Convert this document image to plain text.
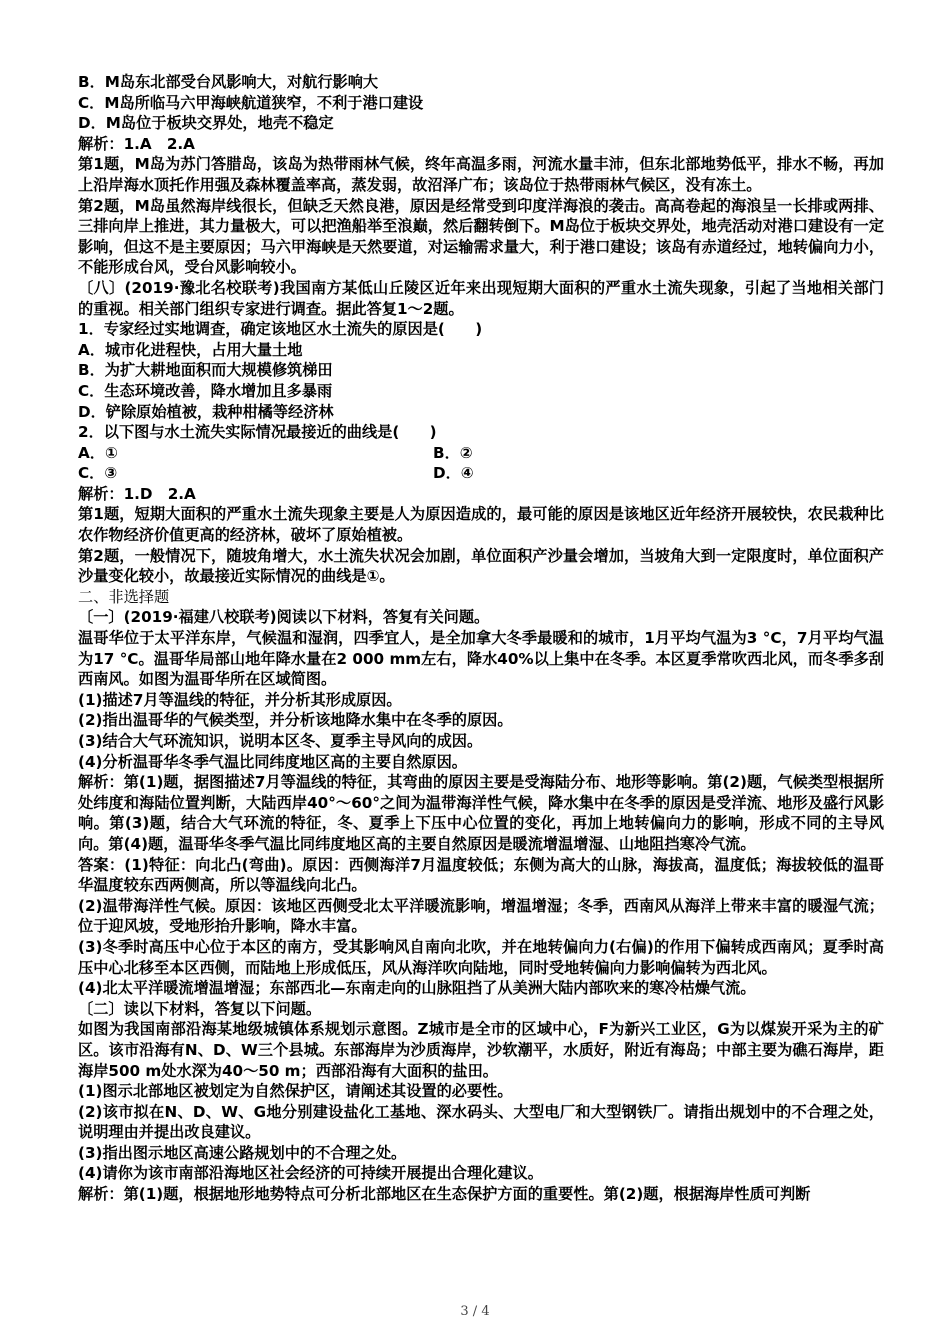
B．M岛东北部受台风影响大，对航行影响大

C．M岛所临马六甲海峡航道狭窄，不利于港口建设

D．M岛位于板块交界处，地壳不稳定

解析：1.A　2.A

第1题，M岛为苏门答腊岛，该岛为热带雨林气候，终年高温多雨，河流水量丰沛，但东北部地势低平，排水不畅，再加上沿岸海水顶托作用强及森林覆盖率高，蒸发弱，故沼泽广布；该岛位于热带雨林气候区，没有冻土。

第2题，M岛虽然海岸线很长，但缺乏天然良港，原因是经常受到印度洋海浪的袭击。高高卷起的海浪呈一长排或两排、三排向岸上推进，其力量极大，可以把渔船举至浪巅，然后翻转倒下。M岛位于板块交界处，地壳活动对港口建设有一定影响，但这不是主要原因；马六甲海峡是天然要道，对运输需求量大，利于港口建设；该岛有赤道经过，地转偏向力小，不能形成台风，受台风影响较小。

〔八〕(2019·豫北名校联考)我国南方某低山丘陵区近年来出现短期大面积的严重水土流失现象，引起了当地相关部门的重视。相关部门组织专家进行调查。据此答复1～2题。

1．专家经过实地调查，确定该地区水土流失的原因是(　　)

A．城市化进程快，占用大量土地

B．为扩大耕地面积而大规模修筑梯田

C．生态环境改善，降水增加且多暴雨

D．铲除原始植被，栽种柑橘等经济林

2．以下图与水土流失实际情况最接近的曲线是(　　)

A．①	B．②
C．③	D．④

解析：1.D　2.A

第1题，短期大面积的严重水土流失现象主要是人为原因造成的，最可能的原因是该地区近年经济开展较快，农民栽种比农作物经济价值更高的经济林，破坏了原始植被。

第2题，一般情况下，随坡角增大，水土流失状况会加剧，单位面积产沙量会增加，当坡角大到一定限度时，单位面积产沙量变化较小，故最接近实际情况的曲线是①。

二、非选择题

〔一〕(2019·福建八校联考)阅读以下材料，答复有关问题。

温哥华位于太平洋东岸，气候温和湿润，四季宜人，是全加拿大冬季最暖和的城市，1月平均气温为3 °C，7月平均气温为17 °C。温哥华局部山地年降水量在2 000 mm左右，降水40%以上集中在冬季。本区夏季常吹西北风，而冬季多刮西南风。如图为温哥华所在区域简图。

(1)描述7月等温线的特征，并分析其形成原因。

(2)指出温哥华的气候类型，并分析该地降水集中在冬季的原因。

(3)结合大气环流知识，说明本区冬、夏季主导风向的成因。

(4)分析温哥华冬季气温比同纬度地区高的主要自然原因。

解析：第(1)题，据图描述7月等温线的特征，其弯曲的原因主要是受海陆分布、地形等影响。第(2)题，气候类型根据所处纬度和海陆位置判断，大陆西岸40°～60°之间为温带海洋性气候，降水集中在冬季的原因是受洋流、地形及盛行风影响。第(3)题，结合大气环流的特征，冬、夏季上下压中心位置的变化，再加上地转偏向力的影响，形成不同的主导风向。第(4)题，温哥华冬季气温比同纬度地区高的主要自然原因是暖流增温增湿、山地阻挡寒冷气流。

答案：(1)特征：向北凸(弯曲)。原因：西侧海洋7月温度较低；东侧为高大的山脉，海拔高，温度低；海拔较低的温哥华温度较东西两侧高，所以等温线向北凸。

(2)温带海洋性气候。原因：该地区西侧受北太平洋暖流影响，增温增湿；冬季，西南风从海洋上带来丰富的暖湿气流；位于迎风坡，受地形抬升影响，降水丰富。

(3)冬季时高压中心位于本区的南方，受其影响风自南向北吹，并在地转偏向力(右偏)的作用下偏转成西南风；夏季时高压中心北移至本区西侧，而陆地上形成低压，风从海洋吹向陆地，同时受地转偏向力影响偏转为西北风。

(4)北太平洋暖流增温增湿；东部西北—东南走向的山脉阻挡了从美洲大陆内部吹来的寒冷枯燥气流。

〔二〕读以下材料，答复以下问题。

如图为我国南部沿海某地级城镇体系规划示意图。Z城市是全市的区域中心，F为新兴工业区，G为以煤炭开采为主的矿区。该市沿海有N、D、W三个县城。东部海岸为沙质海岸，沙软潮平，水质好，附近有海岛；中部主要为礁石海岸，距海岸500 m处水深为40～50 m；西部沿海有大面积的盐田。

(1)图示北部地区被划定为自然保护区，请阐述其设置的必要性。

(2)该市拟在N、D、W、G地分别建设盐化工基地、深水码头、大型电厂和大型钢铁厂。请指出规划中的不合理之处，说明理由并提出改良建议。

(3)指出图示地区高速公路规划中的不合理之处。

(4)请你为该市南部沿海地区社会经济的可持续开展提出合理化建议。

解析：第(1)题，根据地形地势特点可分析北部地区在生态保护方面的重要性。第(2)题，根据海岸性质可判断

3 / 4
